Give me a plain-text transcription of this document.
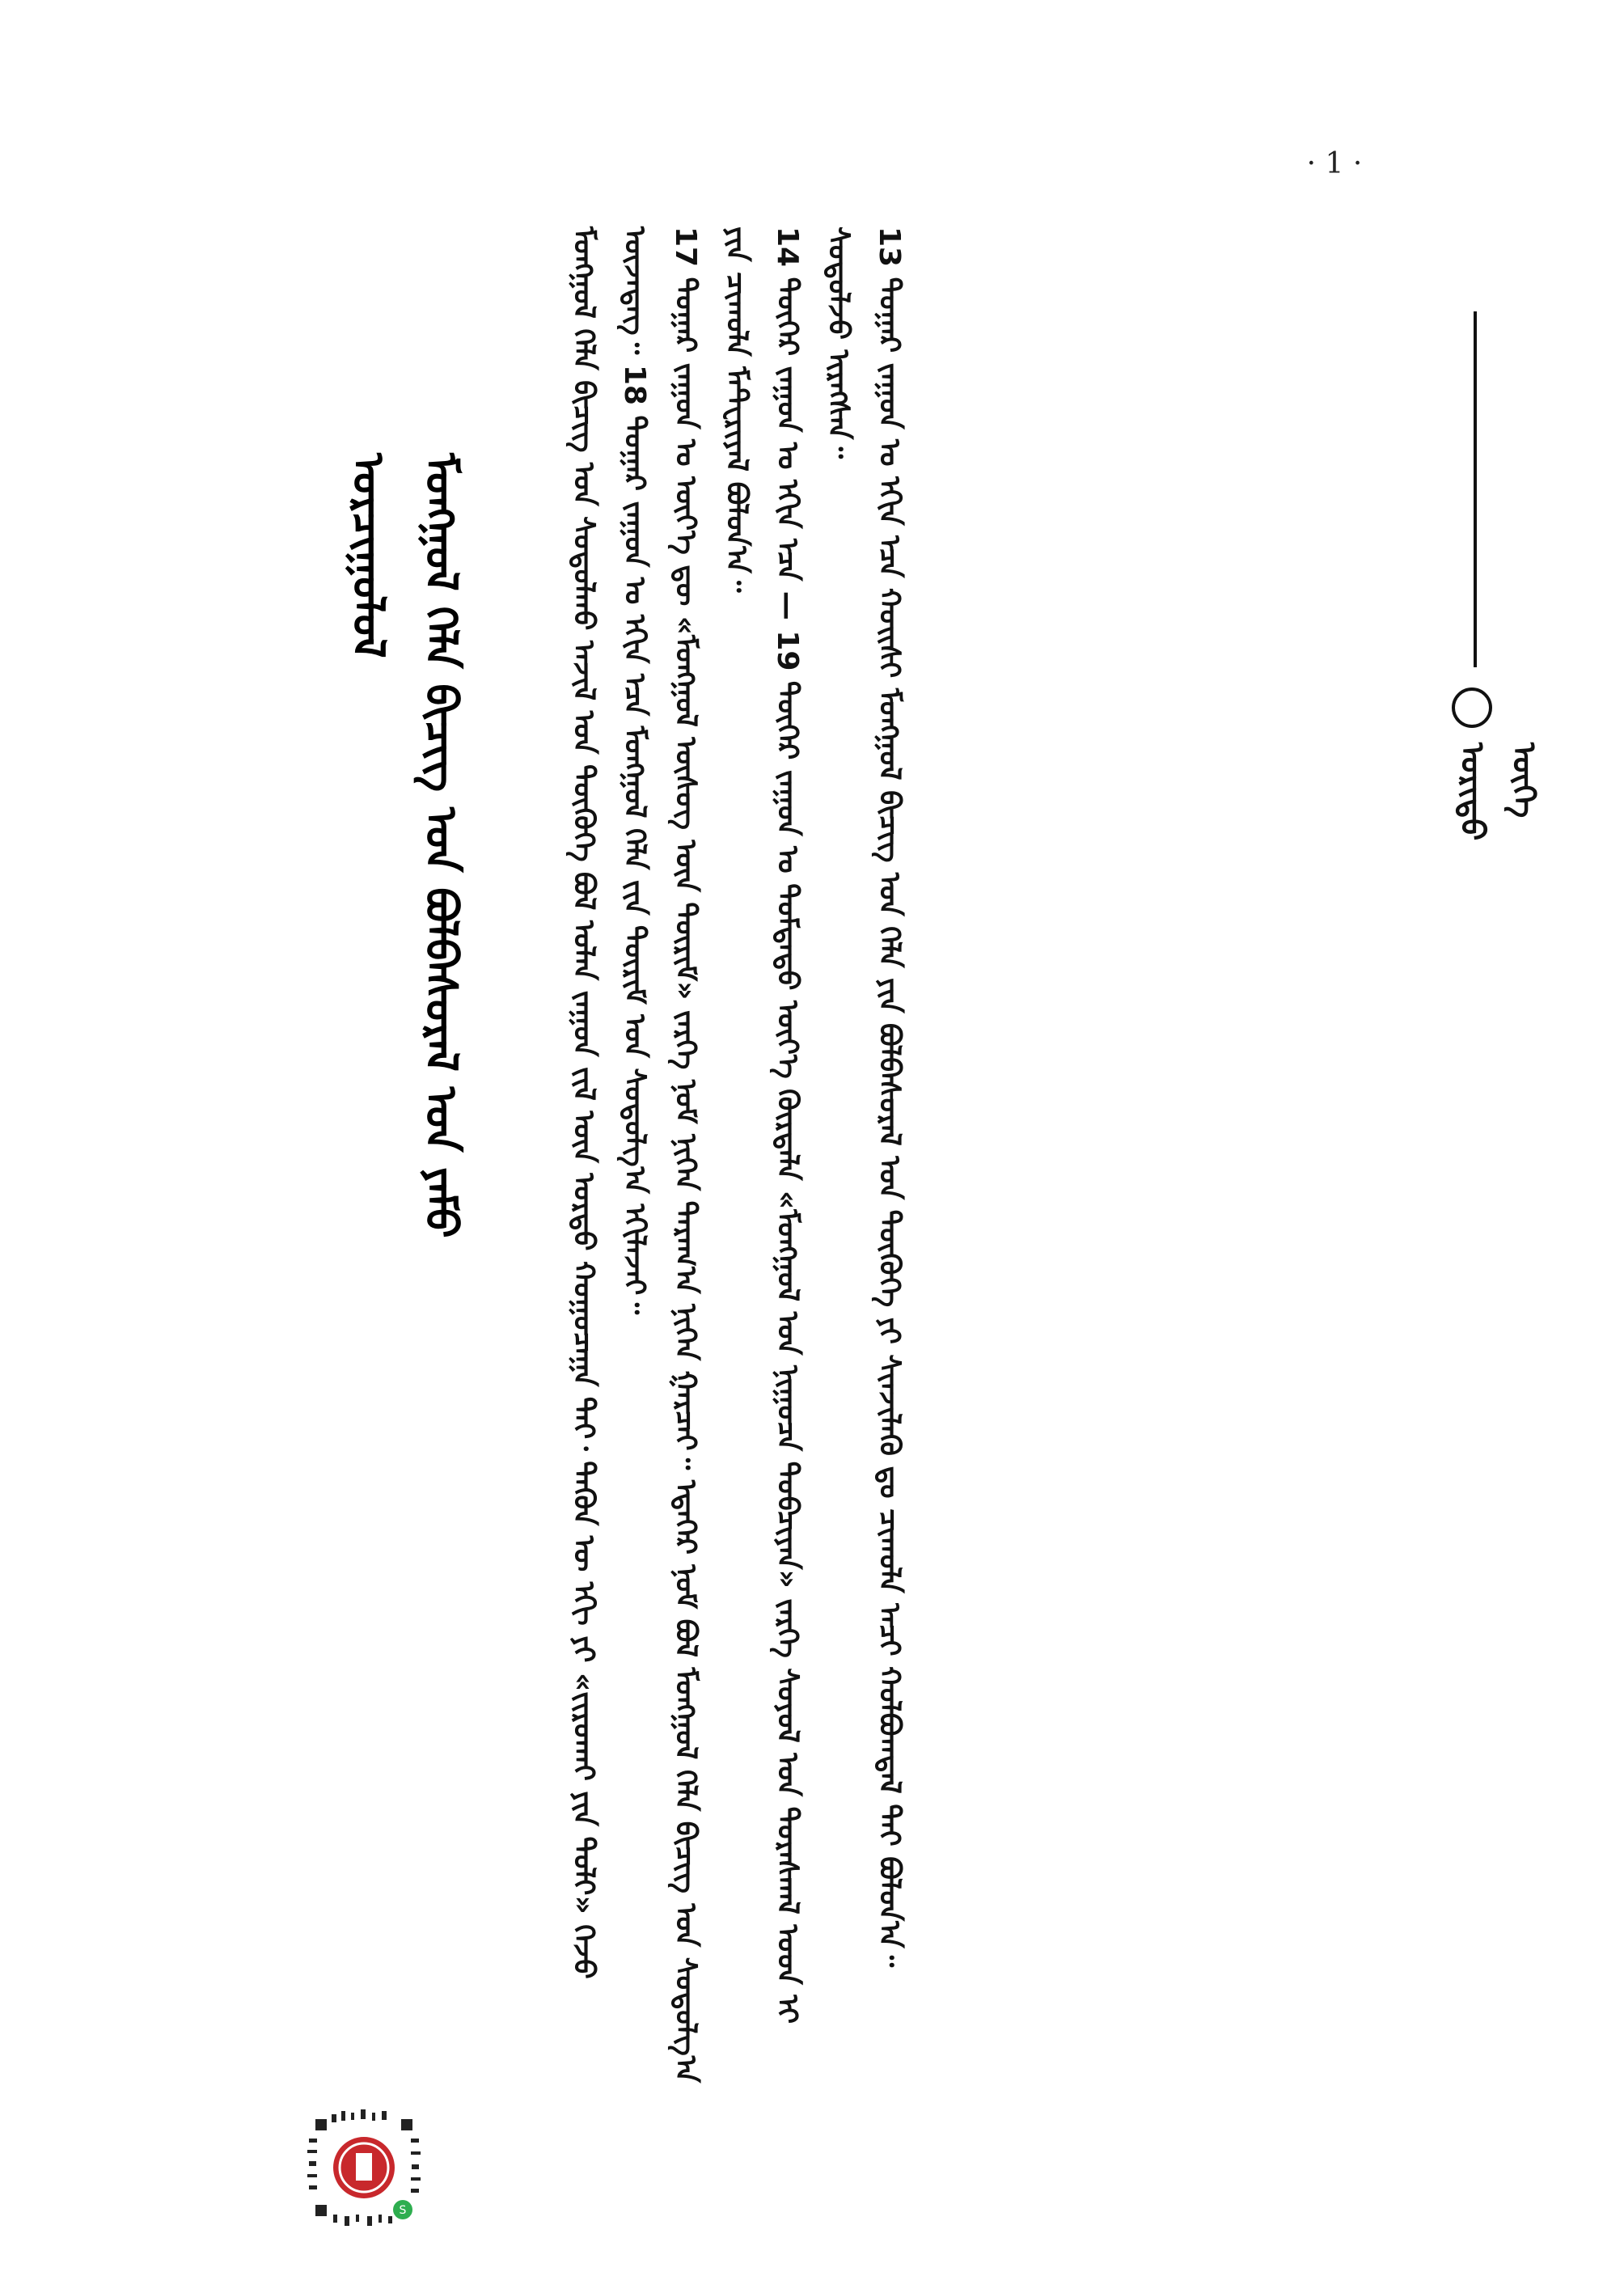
· 1 ·
ᠤᠷᠢᠳᠤ ᠦᠭᠡ

ᠮᠣᠩᠭᠣᠯ ᠬᠡᠯᠡ ᠪᠢᠴᠢᠭ ᠤᠨ ᠰᠤᠳᠤᠯᠬᠤ ᠠᠵᠢᠯ ᠤᠨ ᠲᠦᠭᠦᠬᠡ ᠪᠣᠯ ᠣᠯᠠᠨ ᠵᠠᠭᠤᠨ ᠵᠢᠯ ᠦᠨ ᠤᠷᠲᠤ ᠬᠤᠭᠤᠴᠠᠭᠠ ᠲᠠᠢ᠂ ᠲᠡᠭᠦᠨ ᠦ ᠡᠬᠢ ᠶᠢ «ᠵᠢᠷᠤᠬᠠᠢ ᠶᠢᠨ ᠲᠣᠯᠢ» ᠭᠡᠵᠦ ᠦᠵᠡᠳᠡᠭ᠃ 18 ᠳᠤᠭᠠᠷ ᠵᠠᠭᠤᠨ ᠤ ᠡᠬᠢᠨ ᠡᠴᠡ ᠮᠣᠩᠭᠣᠯ ᠬᠡᠯᠡ ᠵᠢᠨ ᠳᠦᠷᠢᠮ ᠤᠨ ᠰᠤᠳᠤᠯᠭ᠎ᠠ ᠡᠬᠢᠯᠡᠵᠡᠢ᠃ 17 ᠳᠤᠭᠠᠷ ᠵᠠᠭᠤᠨ ᠤ ᠦᠶ᠎ᠡ ᠳᠦ «ᠮᠣᠩᠭᠣᠯ ᠦᠰᠦᠭ ᠦᠨ ᠳᠦᠷᠢᠮ» ᠵᠡᠷᠭᠡ ᠨᠣᠮ ᠨᠢᠭᠡᠨ ᠳᠠᠷᠠᠭ᠎ᠠ ᠨᠢᠭᠡᠨ ᠭᠠᠷᠴᠠᠢ᠃ ᠡᠳᠡᠭᠡᠷ ᠨᠣᠮ ᠪᠣᠯ ᠮᠣᠩᠭᠣᠯ ᠬᠡᠯᠡ ᠪᠢᠴᠢᠭ ᠤᠨ ᠰᠤᠳᠤᠯᠭ᠎ᠠ ᠶᠢᠨ ᠴᠢᠬᠤᠯᠠ ᠮᠠᠲᠧᠷᠢᠶᠠᠯ ᠪᠣᠯᠤᠨ᠎ᠠ᠃ 14 ᠳᠦᠭᠡᠷ ᠵᠠᠭᠤᠨ ᠤ ᠡᠬᠢᠨ ᠡᠴᠡ — 19 ᠳᠦᠭᠡᠷ ᠵᠠᠭᠤᠨ ᠤ ᠳᠤᠮᠳᠠᠳᠤ ᠦᠶ᠎ᠡ ᠬᠦᠷᠲᠡᠯᠡ «ᠮᠣᠩᠭᠣᠯ ᠤᠨ ᠨᠢᠭᠤᠴᠠ ᠲᠣᠪᠴᠢᠶᠠᠨ» ᠵᠡᠷᠭᠡ ᠰᠣᠶᠤᠯ ᠤᠨ ᠳᠤᠷᠠᠰᠬᠠᠯ ᠤᠳ ᠢ ᠰᠤᠳᠤᠯᠵᠤ ᠢᠷᠡᠭᠰᠡᠨ᠃ 13 ᠳᠤᠭᠠᠷ ᠵᠠᠭᠤᠨ ᠤ ᠡᠬᠢᠨ ᠡᠴᠡ ᠬᠣᠢᠰᠢ ᠮᠣᠩᠭᠣᠯ ᠪᠢᠴᠢᠭ ᠤᠨ ᠬᠡᠯᠡ ᠶᠢᠨ ᠪᠣᠯᠪᠠᠰᠤᠷᠠᠯ ᠤᠨ ᠲᠦᠭᠦᠬᠡ ᠶᠢ ᠰᠢᠨᠵᠢᠯᠡᠬᠦ ᠳᠤ ᠴᠢᠬᠤᠯᠠ ᠠᠴᠢ ᠬᠣᠯᠪᠣᠭᠳᠠᠯ ᠲᠠᠢ ᠪᠣᠯᠤᠨ᠎ᠠ᠃

ᠣᠷᠴᠢᠭᠤᠯᠤᠯ ᠮᠣᠩᠭᠣᠯ ᠬᠡᠯᠡ ᠪᠢᠴᠢᠭ ᠤᠨ ᠪᠣᠯᠪᠠᠰᠤᠷᠠᠯ ᠤᠨ ᠶᠠᠮᠤ
S
